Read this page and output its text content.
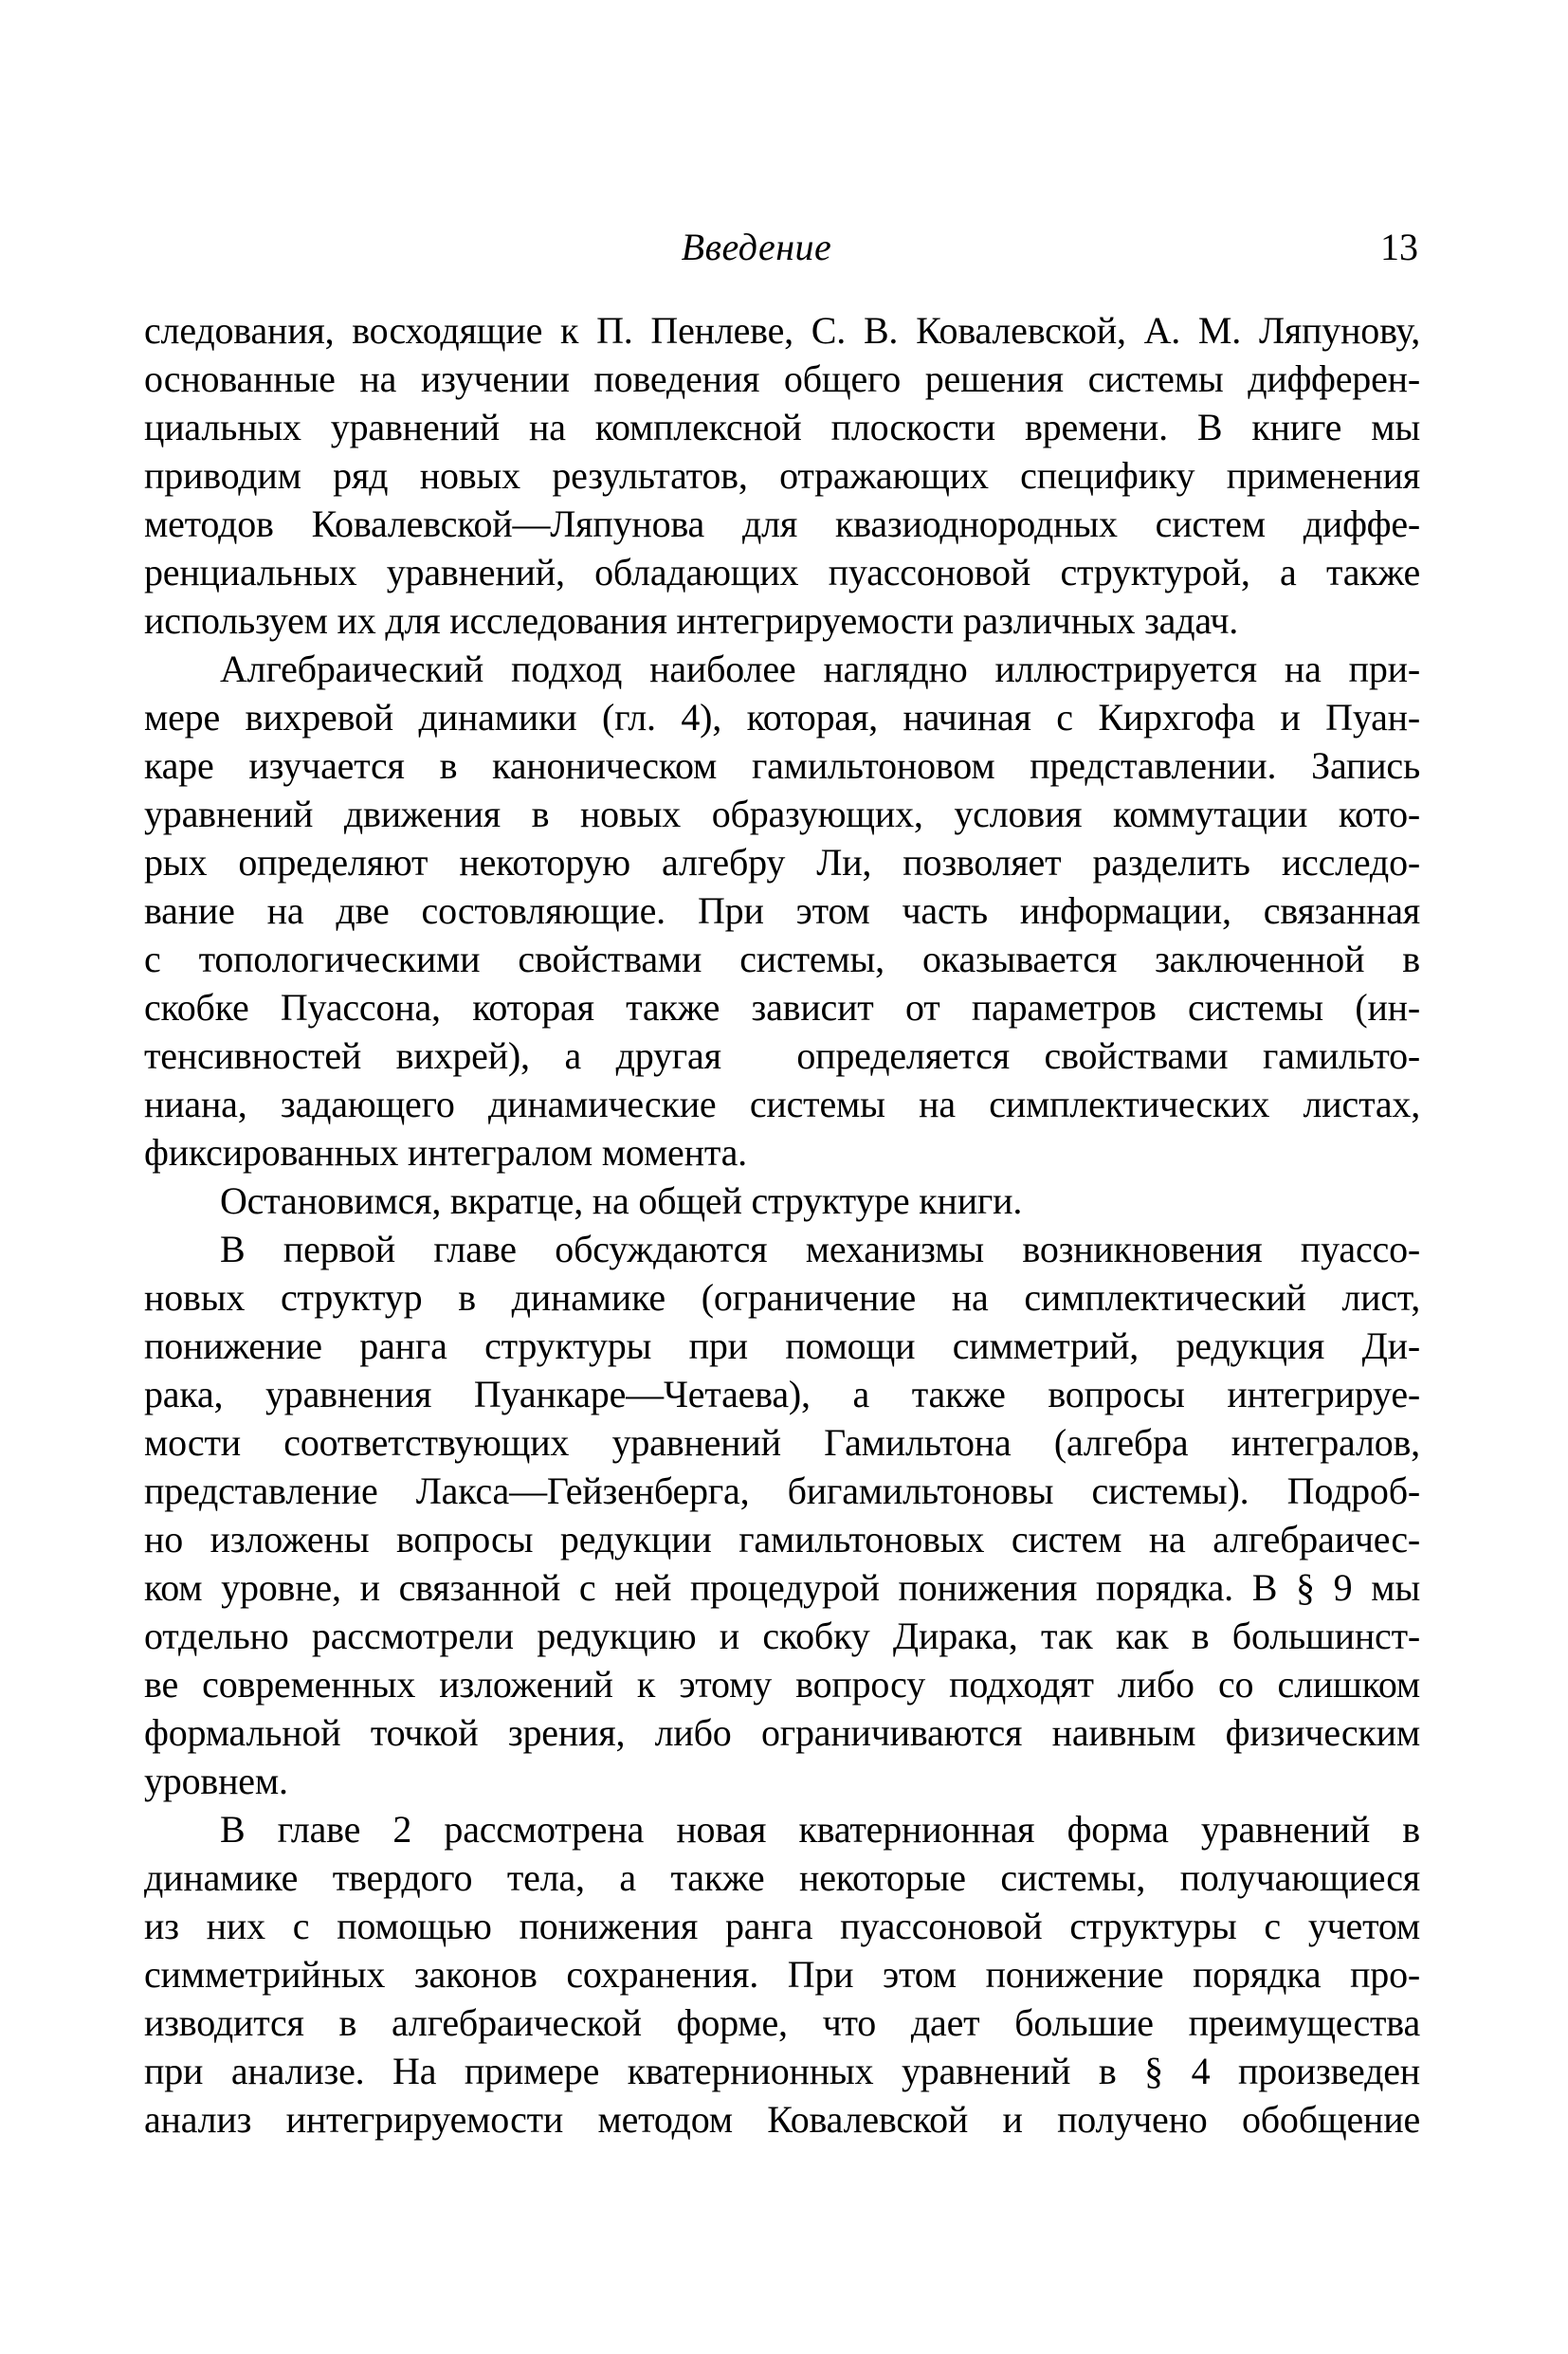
Введение	13
следования, восходящие к П. Пенлеве, С. В. Ковалевской, А. М. Ляпунову,
основанные на изучении поведения общего решения системы дифферен-
циальных уравнений на комплексной плоскости времени. В книге мы
приводим ряд новых результатов, отражающих специфику применения
методов Ковалевской—Ляпунова для квазиоднородных систем диффе-
ренциальных уравнений, обладающих пуассоновой структурой, а также
используем их для исследования интегрируемости различных задач.
Алгебраический подход наиболее наглядно иллюстрируется на при-
мере вихревой динамики (гл. 4), которая, начиная с Кирхгофа и Пуан-
каре изучается в каноническом гамильтоновом представлении. Запись
уравнений движения в новых образующих, условия коммутации кото-
рых определяют некоторую алгебру Ли, позволяет разделить исследо-
вание на две состовляющие. При этом часть информации, связанная
с топологическими свойствами системы, оказывается заключенной в
скобке Пуассона, которая также зависит от параметров системы (ин-
тенсивностей вихрей), а другая  определяется свойствами гамильто-
ниана, задающего динамические системы на симплектических листах,
фиксированных интегралом момента.
Остановимся, вкратце, на общей структуре книги.
В первой главе обсуждаются механизмы возникновения пуассо-
новых структур в динамике (ограничение на симплектический лист,
понижение ранга структуры при помощи симметрий, редукция Ди-
рака, уравнения Пуанкаре—Четаева), а также вопросы интегрируе-
мости соответствующих уравнений Гамильтона (алгебра интегралов,
представление Лакса—Гейзенберга, бигамильтоновы системы). Подроб-
но изложены вопросы редукции гамильтоновых систем на алгебраичес-
ком уровне, и связанной с ней процедурой понижения порядка. В § 9 мы
отдельно рассмотрели редукцию и скобку Дирака, так как в большинст-
ве современных изложений к этому вопросу подходят либо со слишком
формальной точкой зрения, либо ограничиваются наивным физическим
уровнем.
В главе 2 рассмотрена новая кватернионная форма уравнений в
динамике твердого тела, а также некоторые системы, получающиеся
из них с помощью понижения ранга пуассоновой структуры с учетом
симметрийных законов сохранения. При этом понижение порядка про-
изводится в алгебраической форме, что дает большие преимущества
при анализе. На примере кватернионных уравнений в § 4 произведен
анализ интегрируемости методом Ковалевской и получено обобщение
